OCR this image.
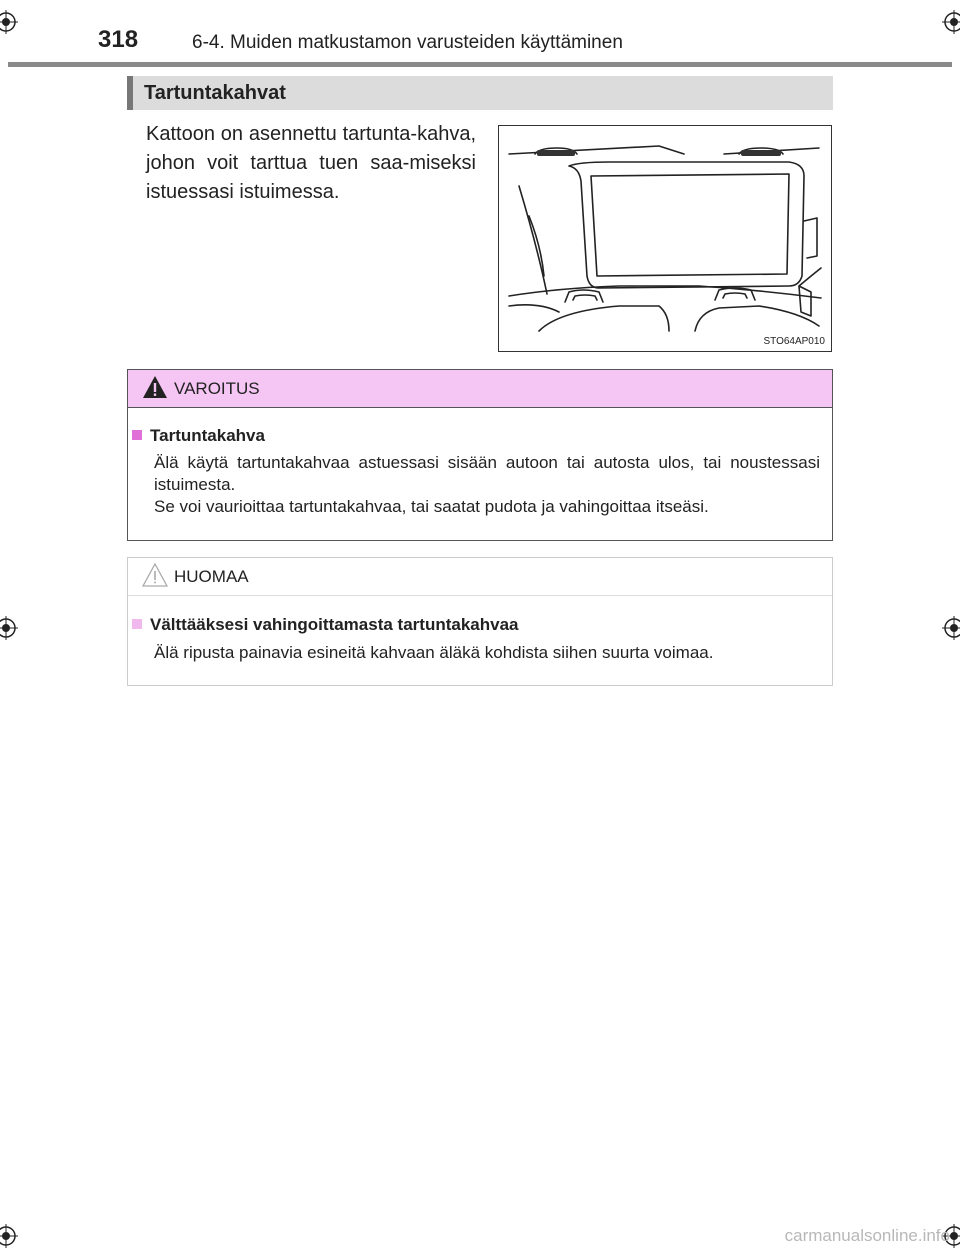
318	6-4. Muiden matkustamon varusteiden käyttäminen
Tartuntakahvat
Kattoon on asennettu tartunta-kahva, johon voit tarttua tuen saa-miseksi istuessasi istuimessa.
STO64AP010
VAROITUS
Tartuntakahva
Älä käytä tartuntakahvaa astuessasi sisään autoon tai autosta ulos, tai noustessasi istuimesta.
Se voi vaurioittaa tartuntakahvaa, tai saatat pudota ja vahingoittaa itseäsi.
HUOMAA
Välttääksesi vahingoittamasta tartuntakahvaa
Älä ripusta painavia esineitä kahvaan äläkä kohdista siihen suurta voimaa.
carmanualsonline.info
